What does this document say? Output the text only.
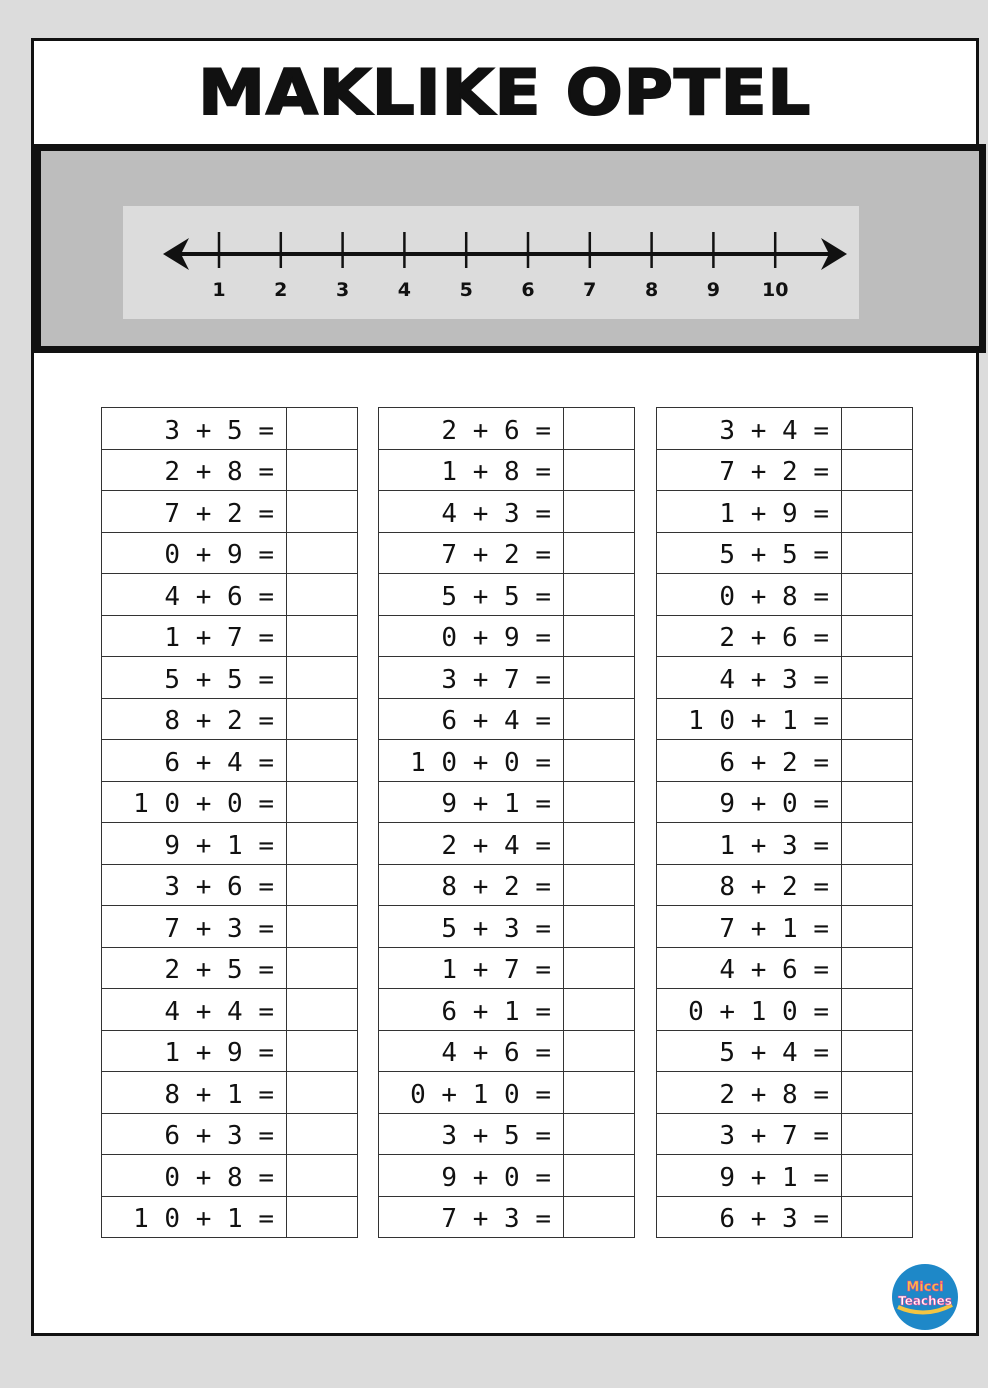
MAKLIKE OPTEL
1	2	3	4	5	6	7	8	9 10
3 + 5 =	
2 + 8 =	
7 + 2 =	
0 + 9 =	
4 + 6 =	
1 + 7 =	
5 + 5 =	
8 + 2 =	
6 + 4 =	
1 0 + 0 =	
9 + 1 =	
3 + 6 =	
7 + 3 =	
2 + 5 =	
4 + 4 =	
1 + 9 =	
8 + 1 =	
6 + 3 =	
0 + 8 =	
1 0 + 1 =	
2 + 6 =	
1 + 8 =	
4 + 3 =	
7 + 2 =	
5 + 5 =	
0 + 9 =	
3 + 7 =	
6 + 4 =	
1 0 + 0 =	
9 + 1 =	
2 + 4 =	
8 + 2 =	
5 + 3 =	
1 + 7 =	
6 + 1 =	
4 + 6 =	
0 + 1 0 =	
3 + 5 =	
9 + 0 =	
7 + 3 =	
3 + 4 =	
7 + 2 =	
1 + 9 =	
5 + 5 =	
0 + 8 =	
2 + 6 =	
4 + 3 =	
1 0 + 1 =	
6 + 2 =	
9 + 0 =	
1 + 3 =	
8 + 2 =	
7 + 1 =	
4 + 6 =	
0 + 1 0 =	
5 + 4 =	
2 + 8 =	
3 + 7 =	
9 + 1 =	
6 + 3 =	
Micci
Teaches
